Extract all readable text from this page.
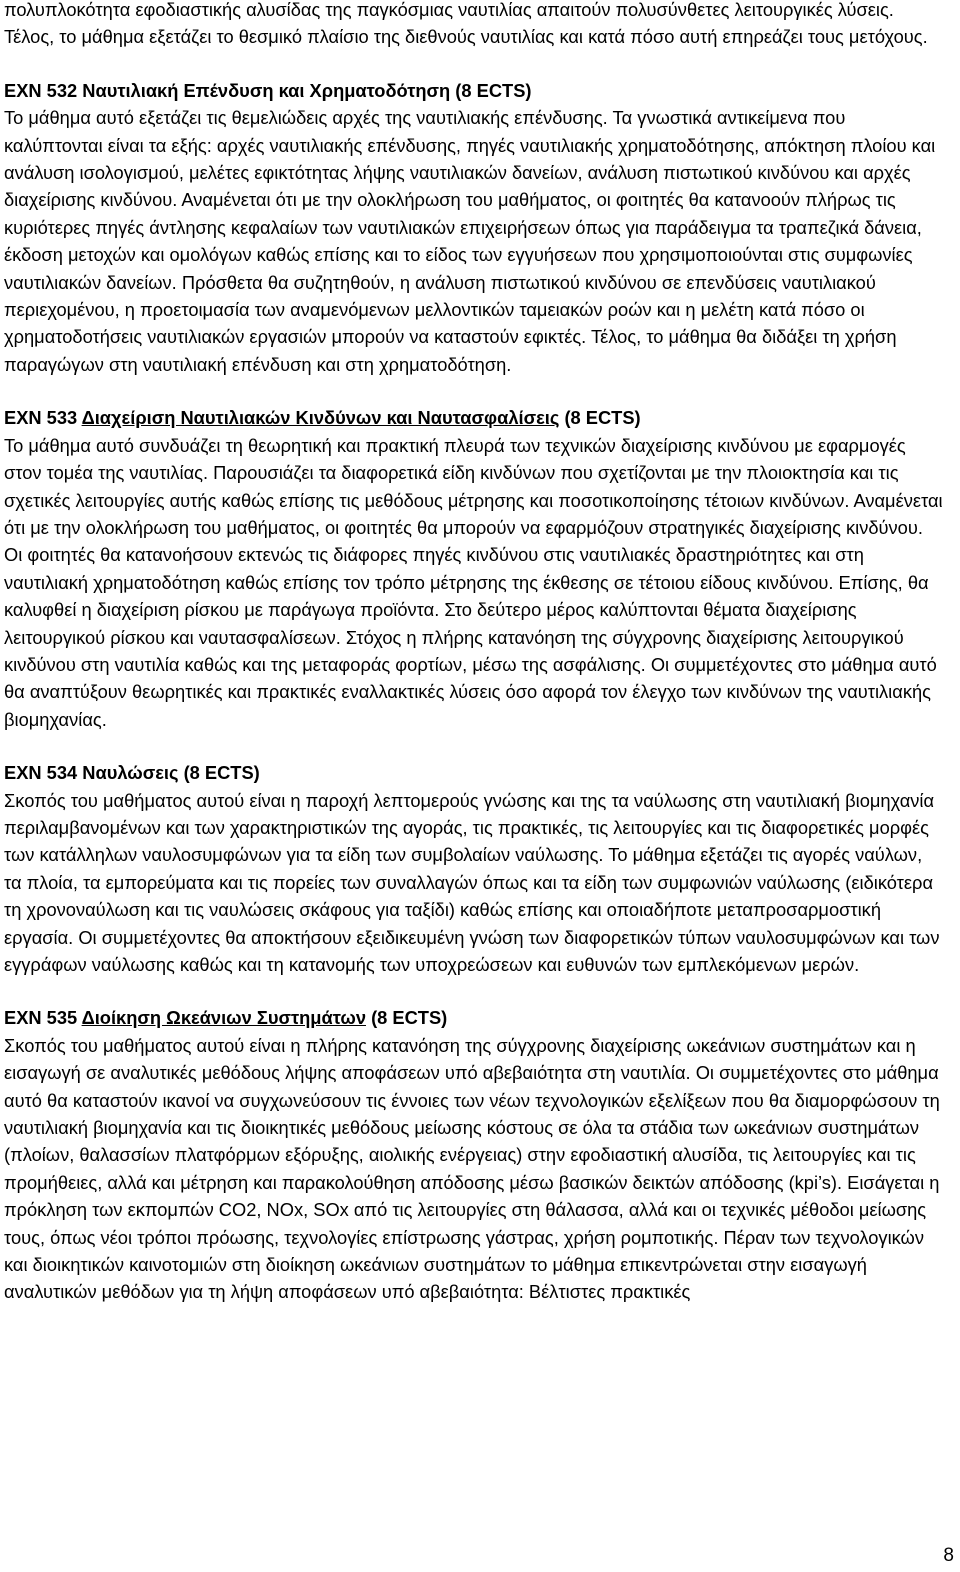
πολυπλοκότητα εφοδιαστικής αλυσίδας της παγκόσμιας ναυτιλίας απαιτούν πολυσύνθετες λειτουργικές λύσεις. Τέλος, το μάθημα εξετάζει το θεσμικό πλαίσιο της διεθνούς ναυτιλίας και κατά πόσο αυτή επηρεάζει τους μετόχους.

ΕΧΝ 532 Ναυτιλιακή Επένδυση και Χρηματοδότηση (8 ECTS)

Το μάθημα αυτό εξετάζει τις θεμελιώδεις αρχές της ναυτιλιακής επένδυσης. Τα γνωστικά αντικείμενα που καλύπτονται είναι τα εξής: αρχές ναυτιλιακής επένδυσης, πηγές ναυτιλιακής χρηματοδότησης, απόκτηση πλοίου και ανάλυση ισολογισμού, μελέτες εφικτότητας λήψης ναυτιλιακών δανείων, ανάλυση πιστωτικού κινδύνου και αρχές διαχείρισης κινδύνου. Αναμένεται ότι με την ολοκλήρωση του μαθήματος, οι φοιτητές θα κατανοούν πλήρως τις κυριότερες πηγές άντλησης κεφαλαίων των ναυτιλιακών επιχειρήσεων όπως για παράδειγμα τα τραπεζικά δάνεια, έκδοση μετοχών και ομολόγων καθώς επίσης και το είδος των εγγυήσεων που χρησιμοποιούνται στις συμφωνίες ναυτιλιακών δανείων. Πρόσθετα θα συζητηθούν, η ανάλυση πιστωτικού κινδύνου σε επενδύσεις ναυτιλιακού περιεχομένου, η προετοιμασία των αναμενόμενων μελλοντικών ταμειακών ροών και η μελέτη κατά πόσο οι χρηματοδοτήσεις ναυτιλιακών εργασιών μπορούν να καταστούν εφικτές. Τέλος, το μάθημα θα διδάξει τη χρήση παραγώγων στη ναυτιλιακή επένδυση και στη χρηματοδότηση.

ΕΧΝ 533 Διαχείριση Ναυτιλιακών Κινδύνων και Ναυτασφαλίσεις (8 ECTS)

Το μάθημα αυτό συνδυάζει τη θεωρητική και πρακτική πλευρά των τεχνικών διαχείρισης κινδύνου με εφαρμογές στον τομέα της ναυτιλίας. Παρουσιάζει τα διαφορετικά είδη κινδύνων που σχετίζονται με την πλοιοκτησία και τις σχετικές λειτουργίες αυτής καθώς επίσης τις μεθόδους μέτρησης και ποσοτικοποίησης τέτοιων κινδύνων. Αναμένεται ότι με την ολοκλήρωση του μαθήματος, οι φοιτητές θα μπορούν να εφαρμόζουν στρατηγικές διαχείρισης κινδύνου. Οι φοιτητές θα κατανοήσουν εκτενώς τις διάφορες πηγές κινδύνου στις ναυτιλιακές δραστηριότητες και στη ναυτιλιακή χρηματοδότηση καθώς επίσης τον τρόπο μέτρησης της έκθεσης σε τέτοιου είδους κινδύνου. Επίσης, θα καλυφθεί η διαχείριση ρίσκου με παράγωγα προϊόντα. Στο δεύτερο μέρος καλύπτονται θέματα διαχείρισης λειτουργικού ρίσκου και ναυτασφαλίσεων. Στόχος η πλήρης κατανόηση της σύγχρονης διαχείρισης λειτουργικού κινδύνου στη ναυτιλία καθώς και της μεταφοράς φορτίων, μέσω της ασφάλισης. Οι συμμετέχοντες στο μάθημα αυτό θα αναπτύξουν θεωρητικές και πρακτικές εναλλακτικές λύσεις όσο αφορά τον έλεγχο των κινδύνων της ναυτιλιακής βιομηχανίας.

ΕΧΝ 534 Ναυλώσεις (8 ECTS)

Σκοπός του μαθήματος αυτού είναι η παροχή λεπτομερούς γνώσης και της τα ναύλωσης στη ναυτιλιακή βιομηχανία περιλαμβανομένων και των χαρακτηριστικών της αγοράς, τις πρακτικές, τις λειτουργίες και τις διαφορετικές μορφές των κατάλληλων ναυλοσυμφώνων για τα είδη των συμβολαίων ναύλωσης. Το μάθημα εξετάζει τις αγορές ναύλων, τα πλοία, τα εμπορεύματα και τις πορείες των συναλλαγών όπως και τα είδη των συμφωνιών ναύλωσης (ειδικότερα τη χρονοναύλωση και τις ναυλώσεις σκάφους για ταξίδι) καθώς επίσης και οποιαδήποτε μεταπροσαρμοστική εργασία. Οι συμμετέχοντες θα αποκτήσουν εξειδικευμένη γνώση των διαφορετικών τύπων ναυλοσυμφώνων και των εγγράφων ναύλωσης καθώς και τη κατανομής των υποχρεώσεων και ευθυνών των εμπλεκόμενων μερών.

ΕΧΝ 535 Διοίκηση Ωκεάνιων Συστημάτων (8 ECTS)

Σκοπός του μαθήματος αυτού είναι η πλήρης κατανόηση της σύγχρονης διαχείρισης ωκεάνιων συστημάτων και η εισαγωγή σε αναλυτικές μεθόδους λήψης αποφάσεων υπό αβεβαιότητα στη ναυτιλία. Οι συμμετέχοντες στο μάθημα αυτό θα καταστούν ικανοί να συγχωνεύσουν τις έννοιες των νέων τεχνολογικών εξελίξεων που θα διαμορφώσουν τη ναυτιλιακή βιομηχανία και τις διοικητικές μεθόδους μείωσης κόστους σε όλα τα στάδια των ωκεάνιων συστημάτων (πλοίων, θαλασσίων πλατφόρμων εξόρυξης, αιολικής ενέργειας) στην εφοδιαστική αλυσίδα, τις λειτουργίες και τις προμήθειες, αλλά και μέτρηση και παρακολούθηση απόδοσης μέσω βασικών δεικτών απόδοσης (kpi’s). Εισάγεται η πρόκληση των εκπομπών CO2, NOx, SOx από τις λειτουργίες στη θάλασσα, αλλά και οι τεχνικές μέθοδοι μείωσης τους, όπως νέοι τρόποι πρόωσης, τεχνολογίες επίστρωσης γάστρας, χρήση ρομποτικής. Πέραν των τεχνολογικών και διοικητικών καινοτομιών στη διοίκηση ωκεάνιων συστημάτων το μάθημα επικεντρώνεται στην εισαγωγή αναλυτικών μεθόδων για τη λήψη αποφάσεων υπό αβεβαιότητα: Βέλτιστες πρακτικές

8
